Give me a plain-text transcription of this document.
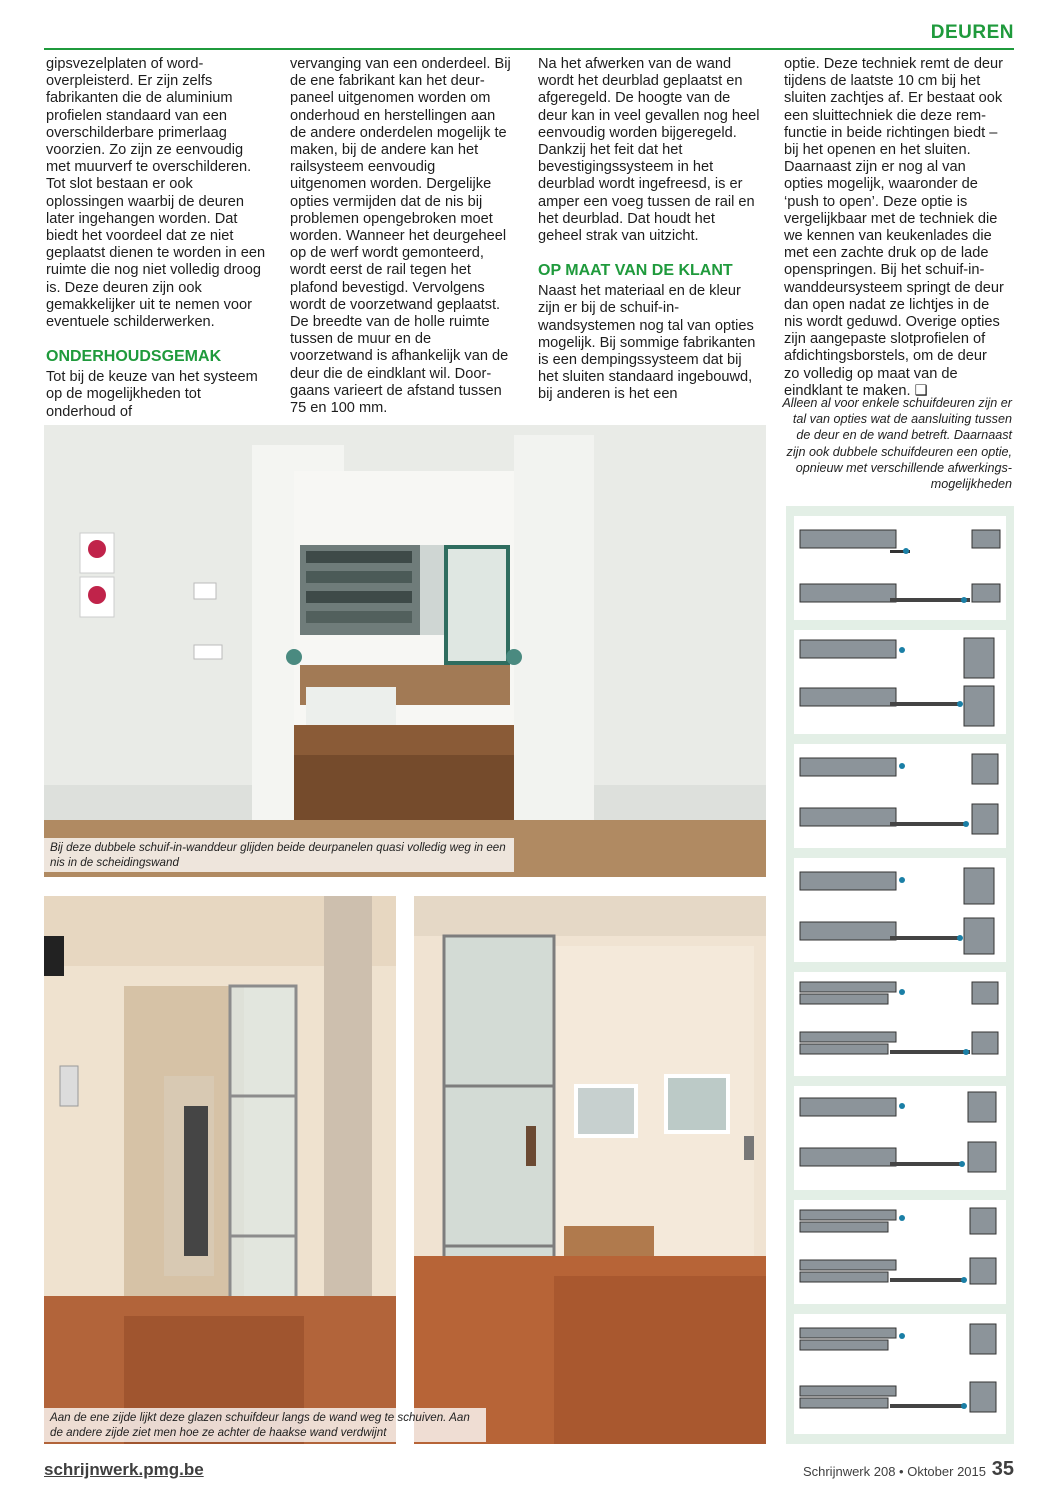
DEUREN

gipsvezelplaten of wordoverpleisterd. Er zijn zelfs fabrikanten die de aluminium profielen standaard van een overschilderbare primerlaag voorzien. Zo zijn ze eenvoudig met muurverf te overschilderen. Tot slot bestaan er ook oplossingen waarbij de deuren later ingehangen worden. Dat biedt het voordeel dat ze niet geplaatst dienen te worden in een ruimte die nog niet volledig droog is. Deze deuren zijn ook gemakkelijker uit te nemen voor eventuele schilderwerken.

ONDERHOUDSGEMAK

Tot bij de keuze van het systeem op de mogelijkheden tot onderhoud of

vervanging van een onderdeel. Bij de ene fabrikant kan het deurpaneel uitgenomen worden om onderhoud en herstellingen aan de andere onderdelen mogelijk te maken, bij de andere kan het railsysteem eenvoudig uitgenomen worden. Dergelijke opties vermijden dat de nis bij problemen opengebroken moet worden. Wanneer het deurgeheel op de werf wordt gemonteerd, wordt eerst de rail tegen het plafond bevestigd. Vervolgens wordt de voorzetwand geplaatst. De breedte van de holle ruimte tussen de muur en de voorzetwand is afhankelijk van de deur die de eindklant wil. Doorgaans varieert de afstand tussen 75 en 100 mm.

Na het afwerken van de wand wordt het deurblad geplaatst en afgeregeld. De hoogte van de deur kan in veel gevallen nog heel eenvoudig worden bijgeregeld. Dankzij het feit dat het bevestigingssysteem in het deurblad wordt ingefreesd, is er amper een voeg tussen de rail en het deurblad. Dat houdt het geheel strak van uitzicht.

OP MAAT VAN DE KLANT

Naast het materiaal en de kleur zijn er bij de schuif-in-wandsystemen nog tal van opties mogelijk. Bij sommige fabrikanten is een dempingssysteem dat bij het sluiten standaard ingebouwd, bij anderen is het een

optie. Deze techniek remt de deur tijdens de laatste 10 cm bij het sluiten zachtjes af. Er bestaat ook een sluittechniek die deze remfunctie in beide richtingen biedt – bij het openen en het sluiten. Daarnaast zijn er nog al van opties mogelijk, waaronder de ‘push to open’. Deze optie is vergelijkbaar met de techniek die we kennen van keukenlades die met een zachte druk op de lade openspringen. Bij het schuif-in-wanddeursysteem springt de deur dan open nadat ze lichtjes in de nis wordt geduwd. Overige opties zijn aangepaste slotprofielen of afdichtingsborstels, om de deur zo volledig op maat van de eindklant te maken. ❑

Alleen al voor enkele schuifdeuren zijn er tal van opties wat de aansluiting tussen de deur en de wand betreft. Daarnaast zijn ook dubbele schuifdeuren een optie, opnieuw met verschillende afwerkingsmogelijkheden
Bij deze dubbele schuif-in-wanddeur glijden beide deurpanelen quasi volledig weg in een nis in de scheidingswand
Aan de ene zijde lijkt deze glazen schuifdeur langs de wand weg te schuiven. Aan de andere zijde ziet men hoe ze achter de haakse wand verdwijnt
schrijnwerk.pmg.be	Schrijnwerk 208 • Oktober 2015 35
